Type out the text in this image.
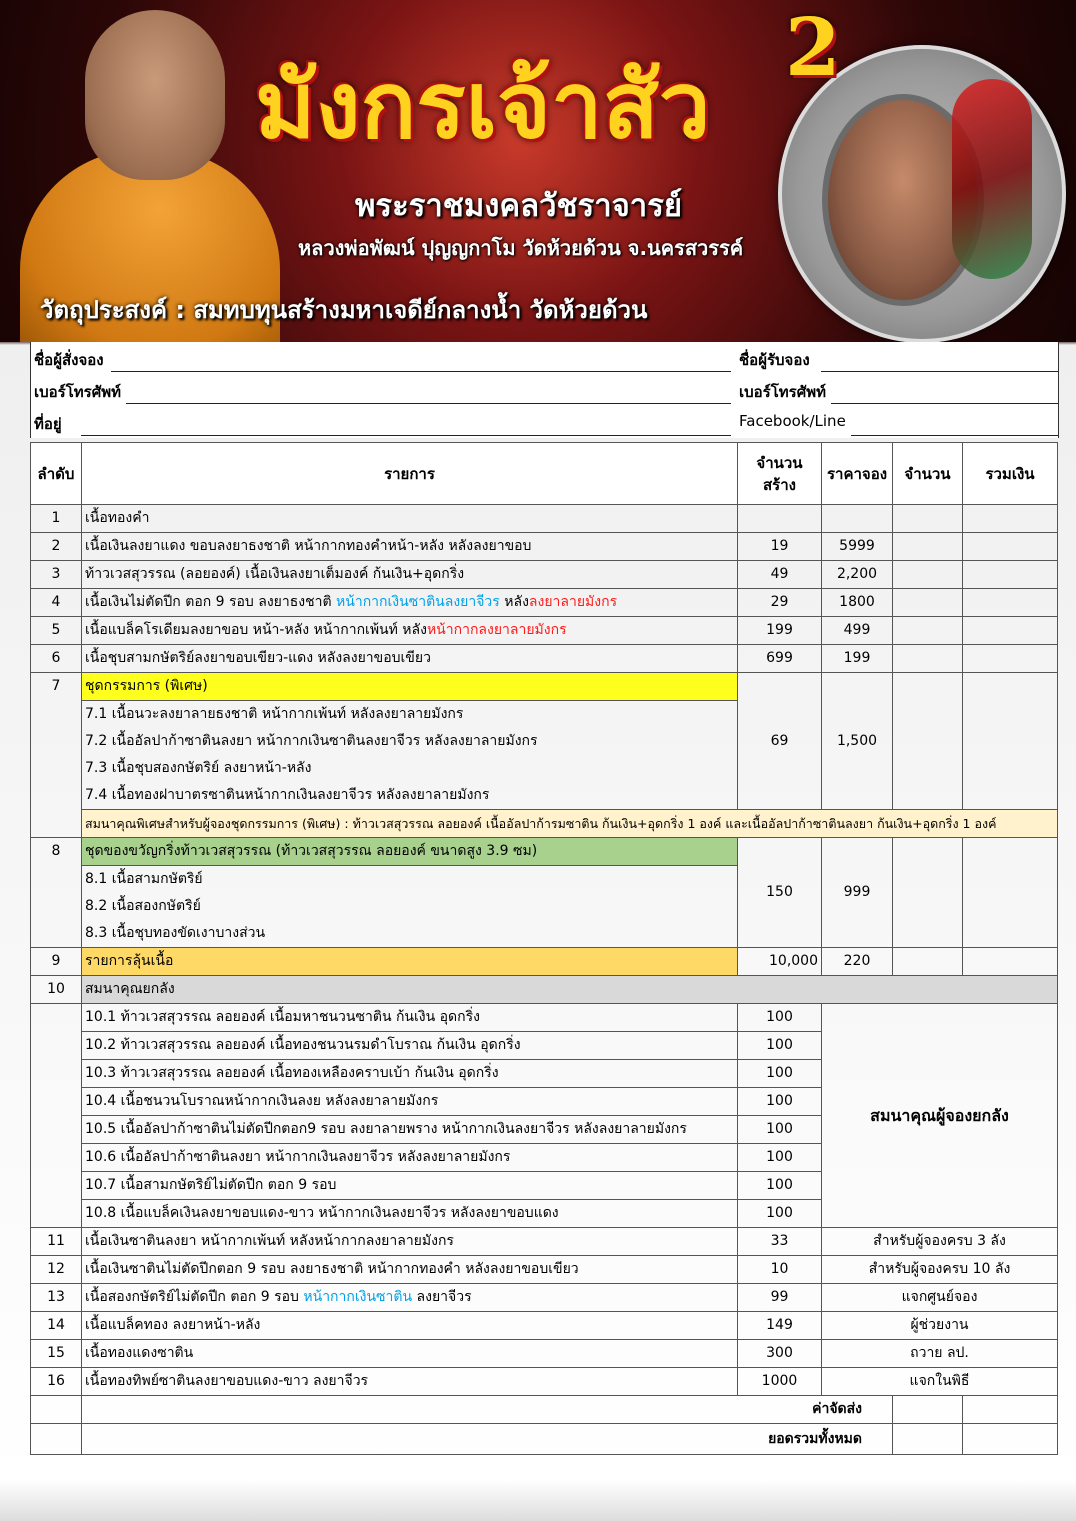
มังกรเจ้าสัว
2
พระราชมงคลวัชราจารย์
หลวงพ่อพัฒน์ ปุญญกาโม วัดห้วยด้วน จ.นครสวรรค์
วัตถุประสงค์ : สมทบทุนสร้างมหาเจดีย์กลางน้ำ วัดห้วยด้วน
ชื่อผู้สั่งจอง	ชื่อผู้รับจอง
เบอร์โทรศัพท์	เบอร์โทรศัพท์
ที่อยู่	Facebook/Line
ลำดับ	รายการ	จำนวนสร้าง	ราคาจอง	จำนวน	รวมเงิน
1	เนื้อทองคำ				
2	เนื้อเงินลงยาแดง ขอบลงยาธงชาติ หน้ากากทองคำหน้า-หลัง หลังลงยาขอบ	19	5999		
3	ท้าวเวสสุวรรณ (ลอยองค์) เนื้อเงินลงยาเต็มองค์ ก้นเงิน+อุดกริ่ง	49	2,200		
4	เนื้อเงินไม่ตัดปีก ตอก 9 รอบ ลงยาธงชาติ หน้ากากเงินซาตินลงยาจีวร หลังลงยาลายมังกร	29	1800		
5	เนื้อแบล็คโรเดียมลงยาขอบ หน้า-หลัง หน้ากากเพ้นท์ หลังหน้ากากลงยาลายมังกร	199	499		
6	เนื้อชุบสามกษัตริย์ลงยาขอบเขียว-แดง หลังลงยาขอบเขียว	699	199		
7	ชุดกรรมการ (พิเศษ)	69	1,500		
	7.1 เนื้อนวะลงยาลายธงชาติ หน้ากากเพ้นท์ หลังลงยาลายมังกร				
	7.2 เนื้ออัลปาก้าซาตินลงยา หน้ากากเงินซาตินลงยาจีวร หลังลงยาลายมังกร				
	7.3 เนื้อชุบสองกษัตริย์ ลงยาหน้า-หลัง				
	7.4 เนื้อทองฝาบาตรซาตินหน้ากากเงินลงยาจีวร หลังลงยาลายมังกร				
	สมนาคุณพิเศษสำหรับผู้จองชุดกรรมการ (พิเศษ) : ท้าวเวสสุวรรณ ลอยองค์ เนื้ออัลปาก้ารมซาติน ก้นเงิน+อุดกริ่ง 1 องค์ และเนื้ออัลปาก้าซาตินลงยา ก้นเงิน+อุดกริ่ง 1 องค์				
8	ชุดของขวัญกริ่งท้าวเวสสุวรรณ (ท้าวเวสสุวรรณ ลอยองค์ ขนาดสูง 3.9 ซม)	150	999		
	8.1 เนื้อสามกษัตริย์				
	8.2 เนื้อสองกษัตริย์				
	8.3 เนื้อชุบทองขัดเงาบางส่วน				
9	รายการลุ้นเนื้อ	10,000	220		
10	สมนาคุณยกลัง				
	10.1 ท้าวเวสสุวรรณ ลอยองค์ เนื้อมหาชนวนซาติน ก้นเงิน อุดกริ่ง	100	สมนาคุณผู้จองยกลัง		
	10.2 ท้าวเวสสุวรรณ ลอยองค์ เนื้อทองชนวนรมดำโบราณ ก้นเงิน อุดกริ่ง	100			
	10.3 ท้าวเวสสุวรรณ ลอยองค์ เนื้อทองเหลืองคราบเบ้า ก้นเงิน อุดกริ่ง	100			
	10.4 เนื้อชนวนโบราณหน้ากากเงินลงย หลังลงยาลายมังกร	100			
	10.5 เนื้ออัลปาก้าซาตินไม่ตัดปีกตอก9 รอบ ลงยาลายพราง หน้ากากเงินลงยาจีวร หลังลงยาลายมังกร	100			
	10.6 เนื้ออัลปาก้าซาตินลงยา หน้ากากเงินลงยาจีวร หลังลงยาลายมังกร	100			
	10.7 เนื้อสามกษัตริย์ไม่ตัดปีก ตอก 9 รอบ	100			
	10.8 เนื้อแบล็คเงินลงยาขอบแดง-ขาว หน้ากากเงินลงยาจีวร หลังลงยาขอบแดง	100			
11	เนื้อเงินซาตินลงยา หน้ากากเพ้นท์ หลังหน้ากากลงยาลายมังกร	33	สำหรับผู้จองครบ 3 ลัง		
12	เนื้อเงินซาตินไม่ตัดปีกตอก 9 รอบ ลงยาธงชาติ หน้ากากทองคำ หลังลงยาขอบเขียว	10	สำหรับผู้จองครบ 10 ลัง		
13	เนื้อสองกษัตริย์ไม่ตัดปีก ตอก 9 รอบ หน้ากากเงินซาติน ลงยาจีวร	99	แจกศูนย์จอง		
14	เนื้อแบล็คทอง ลงยาหน้า-หลัง	149	ผู้ช่วยงาน		
15	เนื้อทองแดงซาติน	300	ถวาย ลป.		
16	เนื้อทองทิพย์ซาตินลงยาขอบแดง-ขาว ลงยาจีวร	1000	แจกในพิธี		
	ค่าจัดส่ง				
	ยอดรวมทั้งหมด				
